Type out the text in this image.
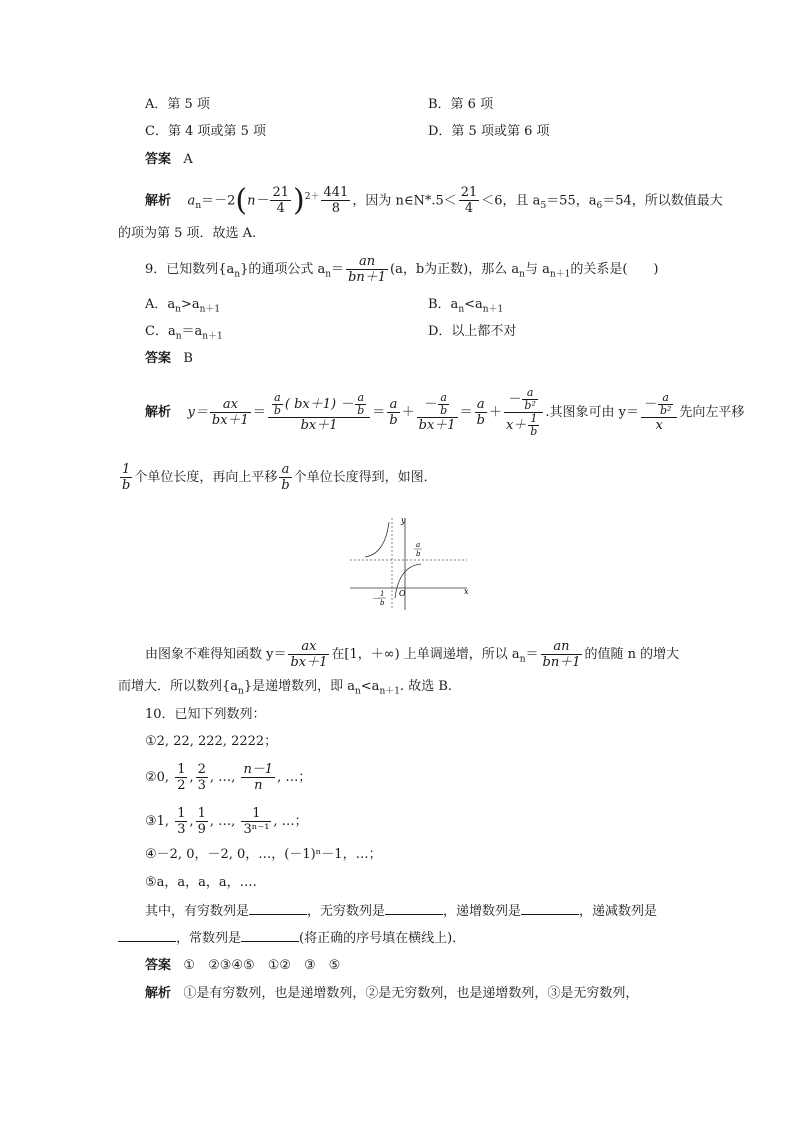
A．第 5 项	B．第 6 项
C．第 4 项或第 5 项	D．第 5 项或第 6 项
答案 A
解析 $a_n=-2(n- \frac{21}{4} )^{2+} \frac{441}{8}$ ，因为 n∈N*.5＜ $\frac{21}{4} <6$，且 $a_5=55$，$a_6=54$，所以数值最大
的项为第 5 项．故选 A.
9．已知数列$\{a_n\}$的通项公式 $a_n= \frac{an}{bn+1} (a$，b为正数)，那么 $a_n$与 $a_{n+1}$的关系是(　　)
A．$a_n>a_{n+1}$	B．$a_n<a_{n+1}$
C．$a_n=a_{n+1}$	D．以上都不对
答案 B
解析 $y= \frac{ax}{bx+1} = \frac{\frac{a}{b} ( bx+1) - \frac{a}{b}}{bx+1} = \frac{a}{b} + \frac{- \frac{a}{b}}{bx+1} = \frac{a}{b} + \frac{- \frac{a}{\text{b²}}}{x+ \frac{1}{b}}$ .其图象可由 $y= \frac{- \frac{a}{\text{b²}}}{x}$ 先向左平移
$\frac{1}{b}$ 个单位长度，再向上平移 $\frac{a}{b}$ 个单位长度得到，如图．
y
x
O
a
b
－
1
b
由图象不难得知函数 $y= \frac{ax}{bx+1}$ 在[1，＋∞) 上单调递增，所以 $a_n= \frac{an}{bn+1}$ 的值随 n 的增大
而增大．所以数列$\{a_n\}$是递增数列，即 $a_n<a_{n+1}$. 故选 B.
10．已知下列数列：
①2, 22, 222, 2222；
②0, $\frac{1}{2}$ , $\frac{2}{3}$ , …, $\frac{n-1}{n}$ , …；
③1, $\frac{1}{3}$ , $\frac{1}{9}$ , …, $\frac{1}{\text{3ⁿ⁻¹}}$ , …；
④－2, 0，－2, 0，…，(－1)ⁿ－1，…；
⑤a，a，a，a，….
其中，有穷数列是	，无穷数列是	，递增数列是	，递减数列是
，常数列是	(将正确的序号填在横线上)．
答案 ①　②③④⑤　①②　③　⑤
解析 ①是有穷数列，也是递增数列，②是无穷数列，也是递增数列，③是无穷数列，
